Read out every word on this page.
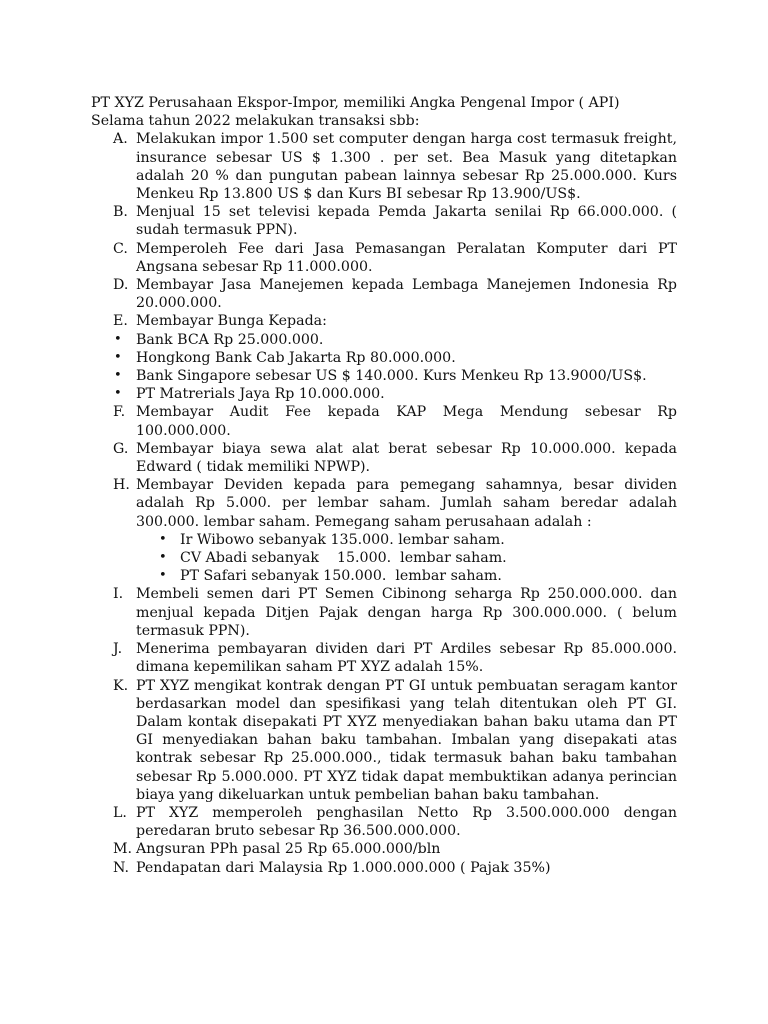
PT XYZ Perusahaan Ekspor-Impor, memiliki Angka Pengenal Impor ( API)

Selama tahun 2022 melakukan transaksi sbb:

A. Melakukan impor 1.500 set computer dengan harga cost termasuk freight, insurance sebesar US $ 1.300 . per set. Bea Masuk yang ditetapkan adalah 20 % dan pungutan pabean lainnya sebesar Rp 25.000.000. Kurs Menkeu Rp 13.800 US $ dan Kurs BI sebesar Rp 13.900/US$.

B. Menjual 15 set televisi kepada Pemda Jakarta senilai Rp 66.000.000. ( sudah termasuk PPN).

C. Memperoleh Fee dari Jasa Pemasangan Peralatan Komputer dari PT Angsana sebesar Rp 11.000.000.

D. Membayar Jasa Manejemen kepada Lembaga Manejemen Indonesia Rp 20.000.000.

E. Membayar Bunga Kepada:

• Bank BCA Rp 25.000.000.

• Hongkong Bank Cab Jakarta Rp 80.000.000.

• Bank Singapore sebesar US $ 140.000. Kurs Menkeu Rp 13.9000/US$.

• PT Matrerials Jaya Rp 10.000.000.

F. Membayar Audit Fee kepada KAP Mega Mendung sebesar Rp 100.000.000.

G. Membayar biaya sewa alat alat berat sebesar Rp 10.000.000. kepada Edward ( tidak memiliki NPWP).

H. Membayar Deviden kepada para pemegang sahamnya, besar dividen adalah Rp 5.000. per lembar saham. Jumlah saham beredar adalah 300.000. lembar saham. Pemegang saham perusahaan adalah :

• Ir Wibowo sebanyak 135.000. lembar saham.

• CV Abadi sebanyak    15.000.  lembar saham.

• PT Safari sebanyak 150.000.  lembar saham.

I. Membeli semen dari PT Semen Cibinong seharga Rp 250.000.000. dan menjual kepada Ditjen Pajak dengan harga Rp 300.000.000. ( belum termasuk PPN).

J. Menerima pembayaran dividen dari PT Ardiles sebesar Rp 85.000.000. dimana kepemilikan saham PT XYZ adalah 15%.

K. PT XYZ mengikat kontrak dengan PT GI untuk pembuatan seragam kantor berdasarkan model dan spesifikasi yang telah ditentukan oleh PT GI. Dalam kontak disepakati PT XYZ menyediakan bahan baku utama dan PT GI menyediakan bahan baku tambahan. Imbalan yang disepakati atas kontrak sebesar Rp 25.000.000., tidak termasuk bahan baku tambahan sebesar Rp 5.000.000. PT XYZ tidak dapat membuktikan adanya perincian biaya yang dikeluarkan untuk pembelian bahan baku tambahan.

L. PT XYZ memperoleh penghasilan Netto Rp 3.500.000.000 dengan peredaran bruto sebesar Rp 36.500.000.000.

M. Angsuran PPh pasal 25 Rp 65.000.000/bln

N. Pendapatan dari Malaysia Rp 1.000.000.000 ( Pajak 35%)
